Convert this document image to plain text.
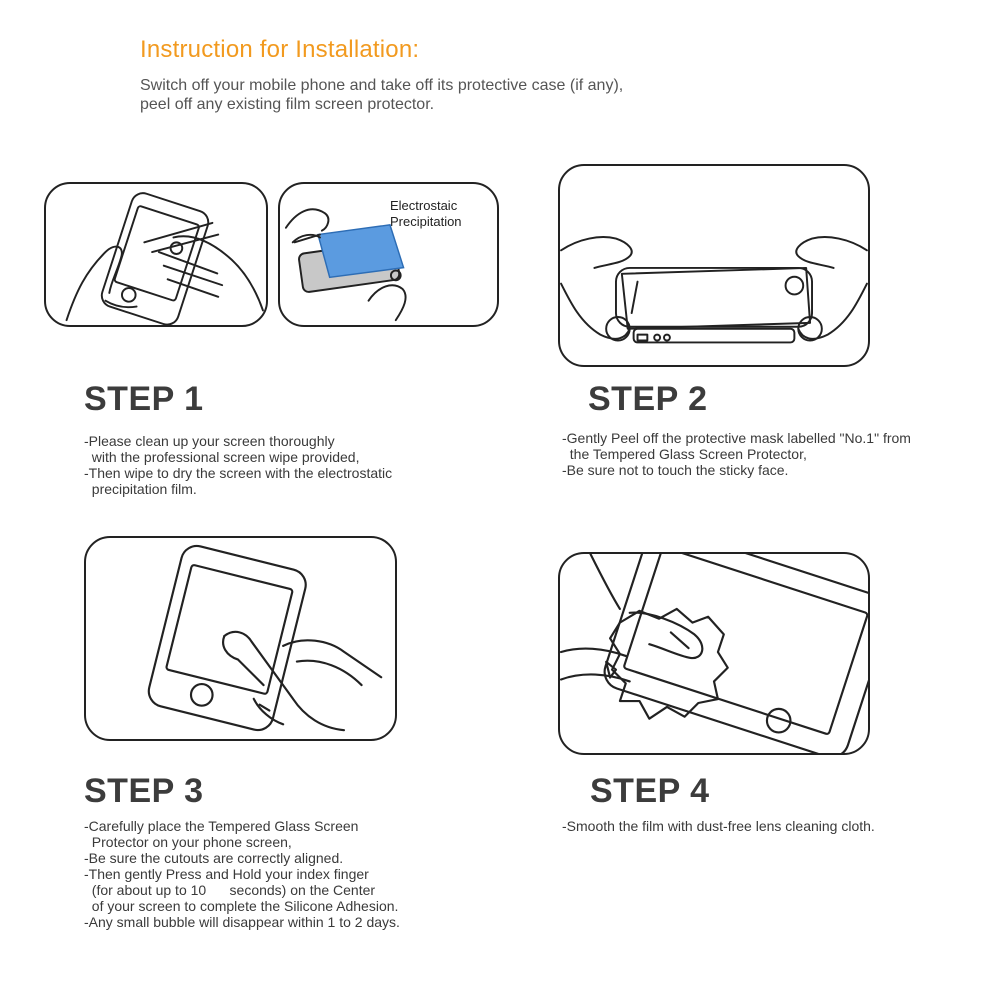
Instruction for Installation:
Switch off your mobile phone and take off its protective case (if any),
peel off any existing film screen protector.
Electrostaic
Precipitation
STEP 1
-Please clean up your screen thoroughly
with the professional screen wipe provided,
-Then wipe to dry the screen with the electrostatic
precipitation film.
STEP 2
-Gently Peel off the protective mask labelled "No.1" from
the Tempered Glass Screen Protector,
-Be sure not to touch the sticky face.
STEP 3
-Carefully place the Tempered Glass Screen
Protector on your phone screen,
-Be sure the cutouts are correctly aligned.
-Then gently Press and Hold your index finger
(for about up to 10      seconds) on the Center
of your screen to complete the Silicone Adhesion.
-Any small bubble will disappear within 1 to 2 days.
STEP 4
-Smooth the film with dust-free lens cleaning cloth.
